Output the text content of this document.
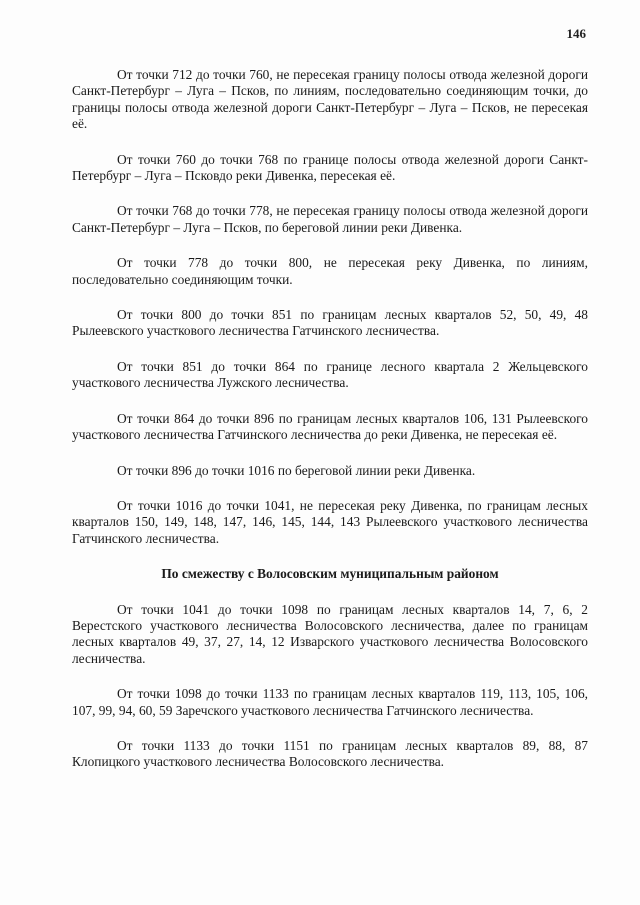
146

От точки 712 до точки 760, не пересекая границу полосы отвода железной дороги Санкт-Петербург – Луга – Псков, по линиям, последовательно соединяющим точки, до границы полосы отвода железной дороги Санкт-Петербург – Луга – Псков, не пересекая её.

От точки 760 до точки 768 по границе полосы отвода железной дороги Санкт-Петербург – Луга – Псковдо реки Дивенка, пересекая её.

От точки 768 до точки 778, не пересекая границу полосы отвода железной дороги Санкт-Петербург – Луга – Псков, по береговой линии реки Дивенка.

От точки 778 до точки 800, не пересекая реку Дивенка, по линиям, последовательно соединяющим точки.

От точки 800 до точки 851 по границам лесных кварталов 52, 50, 49, 48 Рылеевского участкового лесничества Гатчинского лесничества.

От точки 851 до точки 864 по границе лесного квартала 2 Жельцевского участкового лесничества Лужского лесничества.

От точки 864 до точки 896 по границам лесных кварталов 106, 131 Рылеевского участкового лесничества Гатчинского лесничества до реки Дивенка, не пересекая её.

От точки 896 до точки 1016 по береговой линии реки Дивенка.

От точки 1016 до точки 1041, не пересекая реку Дивенка, по границам лесных кварталов 150, 149, 148, 147, 146, 145, 144, 143 Рылеевского участкового лесничества Гатчинского лесничества.

По смежеству с Волосовским муниципальным районом

От точки 1041 до точки 1098 по границам лесных кварталов 14, 7, 6, 2 Верестского участкового лесничества Волосовского лесничества, далее по границам лесных кварталов 49, 37, 27, 14, 12 Изварского участкового лесничества Волосовского лесничества.

От точки 1098 до точки 1133 по границам лесных кварталов 119, 113, 105, 106, 107, 99, 94, 60, 59 Заречского участкового лесничества Гатчинского лесничества.

От точки 1133 до точки 1151 по границам лесных кварталов 89, 88, 87 Клопицкого участкового лесничества Волосовского лесничества.
